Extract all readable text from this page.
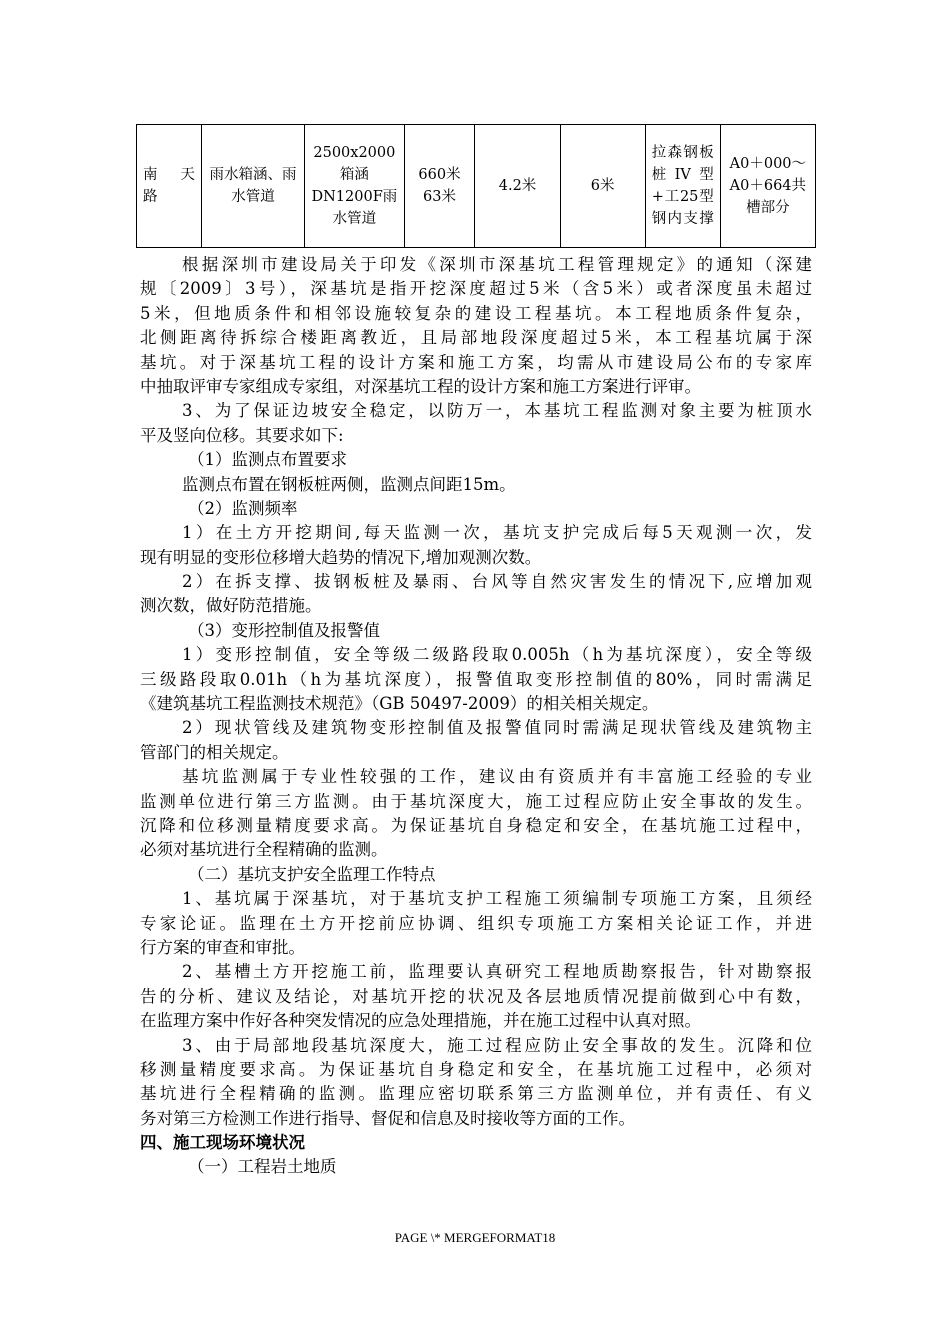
南 天 路	雨水箱涵、雨水管道	2500x2000箱涵DN1200F雨水管道	660米 63米	4.2米	6米	拉森钢板桩IV型+工25型钢内支撑	A0＋000～A0＋664共槽部分
根据深圳市建设局关于印发《深圳市深基坑工程管理规定》的通知（深建
规〔2009〕3号），深基坑是指开挖深度超过5米（含5米）或者深度虽未超过
5米，但地质条件和相邻设施较复杂的建设工程基坑。本工程地质条件复杂，
北侧距离待拆综合楼距离教近，且局部地段深度超过5米，本工程基坑属于深
基坑。对于深基坑工程的设计方案和施工方案，均需从市建设局公布的专家库
中抽取评审专家组成专家组，对深基坑工程的设计方案和施工方案进行评审。
3、为了保证边坡安全稳定，以防万一，本基坑工程监测对象主要为桩顶水
平及竖向位移。其要求如下:
（1）监测点布置要求
监测点布置在钢板桩两侧，监测点间距15m。
（2）监测频率
1）在土方开挖期间,每天监测一次，基坑支护完成后每5天观测一次，发
现有明显的变形位移增大趋势的情况下,增加观测次数。
2）在拆支撑、拔钢板桩及暴雨、台风等自然灾害发生的情况下,应增加观
测次数，做好防范措施。
（3）变形控制值及报警值
1）变形控制值，安全等级二级路段取0.005h（h为基坑深度），安全等级
三级路段取0.01h（h为基坑深度），报警值取变形控制值的80%，同时需满足
《建筑基坑工程监测技术规范》（GB 50497-2009）的相关相关规定。
2）现状管线及建筑物变形控制值及报警值同时需满足现状管线及建筑物主
管部门的相关规定。
基坑监测属于专业性较强的工作，建议由有资质并有丰富施工经验的专业
监测单位进行第三方监测。由于基坑深度大，施工过程应防止安全事故的发生。
沉降和位移测量精度要求高。为保证基坑自身稳定和安全，在基坑施工过程中，
必须对基坑进行全程精确的监测。
（二）基坑支护安全监理工作特点
1、基坑属于深基坑，对于基坑支护工程施工须编制专项施工方案，且须经
专家论证。监理在土方开挖前应协调、组织专项施工方案相关论证工作，并进
行方案的审查和审批。
2、基槽土方开挖施工前，监理要认真研究工程地质勘察报告，针对勘察报
告的分析、建议及结论，对基坑开挖的状况及各层地质情况提前做到心中有数，
在监理方案中作好各种突发情况的应急处理措施，并在施工过程中认真对照。
3、由于局部地段基坑深度大，施工过程应防止安全事故的发生。沉降和位
移测量精度要求高。为保证基坑自身稳定和安全，在基坑施工过程中，必须对
基坑进行全程精确的监测。监理应密切联系第三方监测单位，并有责任、有义
务对第三方检测工作进行指导、督促和信息及时接收等方面的工作。
四、施工现场环境状况
（一）工程岩土地质
PAGE \* MERGEFORMAT18
